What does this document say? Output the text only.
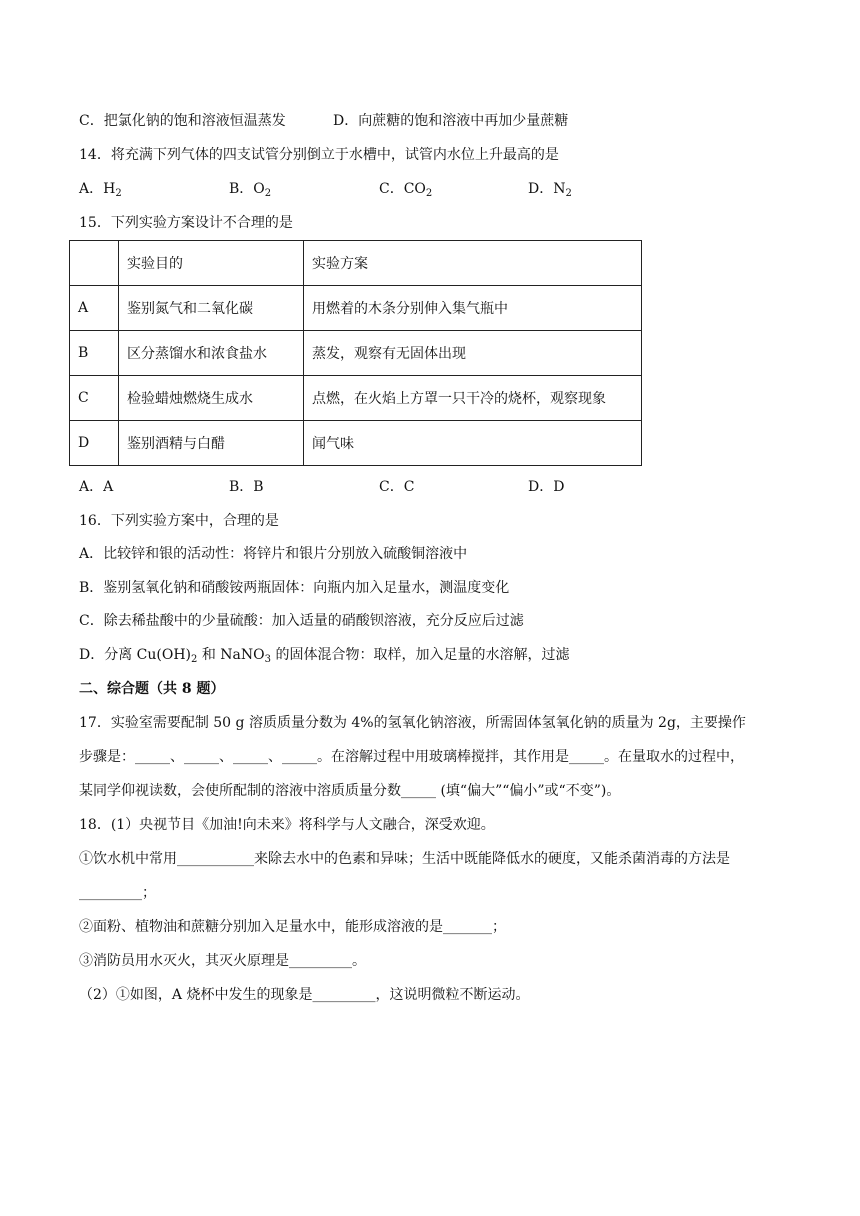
C．把氯化钠的饱和溶液恒温蒸发	D．向蔗糖的饱和溶液中再加少量蔗糖
14．将充满下列气体的四支试管分别倒立于水槽中，试管内水位上升最高的是
A．$H_2$	B．$O_2$	C．$CO_2$	D．$N_2$
15．下列实验方案设计不合理的是
	实验目的	实验方案
A	鉴别氮气和二氧化碳	用燃着的木条分别伸入集气瓶中
B	区分蒸馏水和浓食盐水	蒸发，观察有无固体出现
C	检验蜡烛燃烧生成水	点燃，在火焰上方罩一只干冷的烧杯，观察现象
D	鉴别酒精与白醋	闻气味
A．A	B．B	C．C	D．D
16．下列实验方案中，合理的是
A．比较锌和银的活动性：将锌片和银片分别放入硫酸铜溶液中
B．鉴别氢氧化钠和硝酸铵两瓶固体：向瓶内加入足量水，测温度变化
C．除去稀盐酸中的少量硫酸：加入适量的硝酸钡溶液，充分反应后过滤
D．分离 $Cu(OH)_2$ 和 NaNO$_3$ 的固体混合物：取样，加入足量的水溶解，过滤
二、综合题（共 8 题）
17．实验室需要配制 50 g 溶质质量分数为 4%的氢氧化钠溶液，所需固体氢氧化钠的质量为 2g，主要操作
步骤是：_____、_____、_____、_____。在溶解过程中用玻璃棒搅拌，其作用是_____。在量取水的过程中，
某同学仰视读数，会使所配制的溶液中溶质质量分数_____ (填“偏大”“偏小”或“不变”)。
18．(1）央视节目《加油!向未来》将科学与人文融合，深受欢迎。
①饮水机中常用___________来除去水中的色素和异味；生活中既能降低水的硬度，又能杀菌消毒的方法是
_________；
②面粉、植物油和蔗糖分别加入足量水中，能形成溶液的是_______；
③消防员用水灭火，其灭火原理是_________。
（2）①如图，A 烧杯中发生的现象是_________，这说明微粒不断运动。
